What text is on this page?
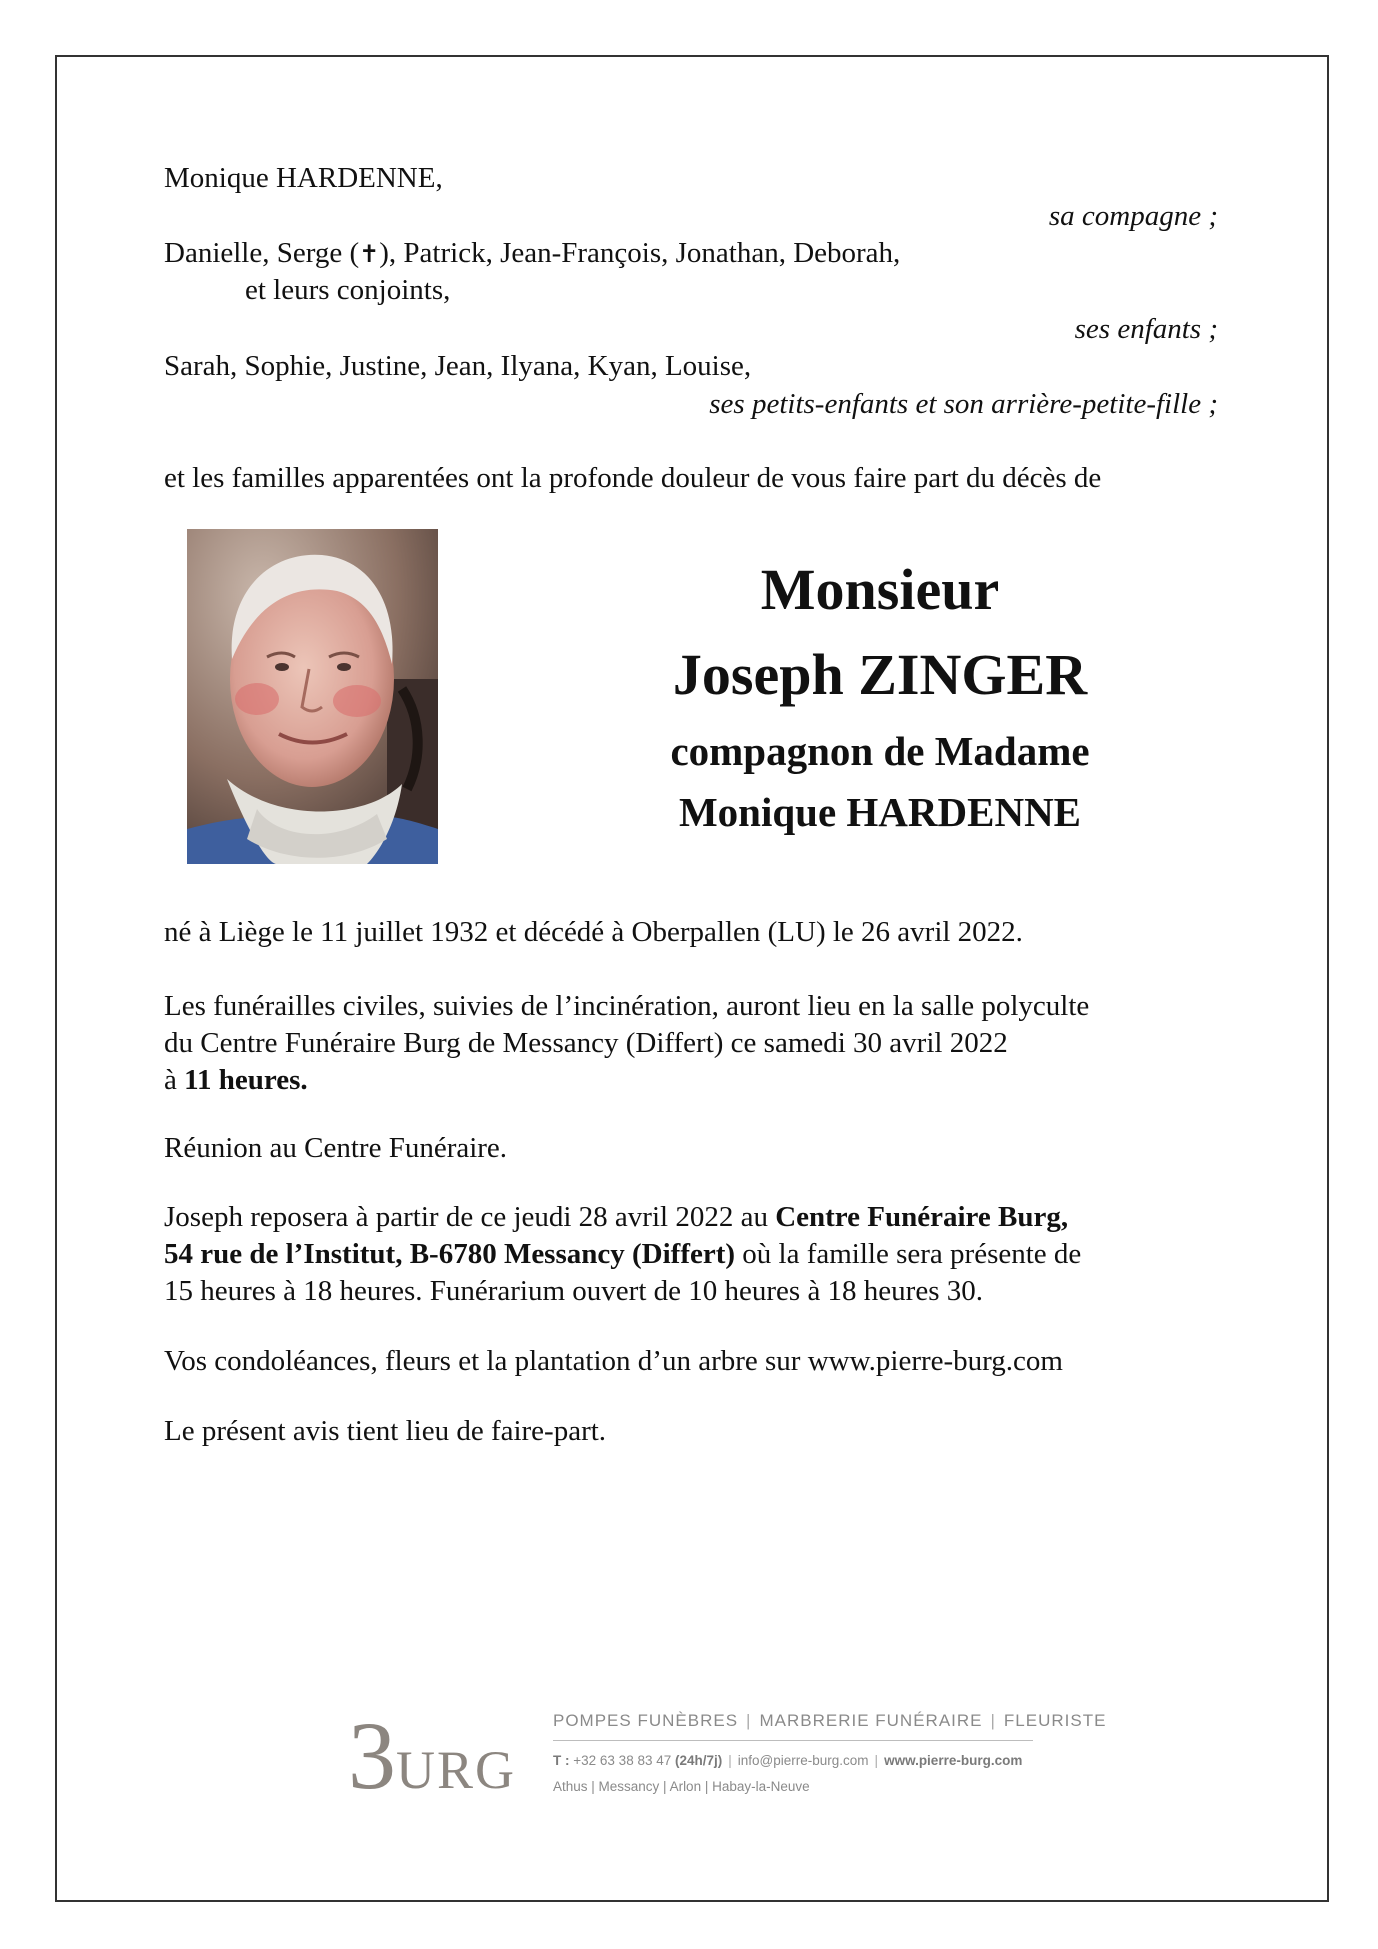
Monique HARDENNE,
sa compagne ;
Danielle, Serge (✝), Patrick, Jean-François, Jonathan, Deborah,
et leurs conjoints,
ses enfants ;
Sarah, Sophie, Justine, Jean, Ilyana, Kyan, Louise,
ses petits-enfants et son arrière-petite-fille ;
et les familles apparentées ont la profonde douleur de vous faire part du décès de
Monsieur
Joseph ZINGER
compagnon de Madame
Monique HARDENNE
né à Liège le 11 juillet 1932 et décédé à Oberpallen (LU) le 26 avril 2022.
Les funérailles civiles, suivies de l’incinération, auront lieu en la salle polyculte
du Centre Funéraire Burg de Messancy (Differt) ce samedi 30 avril 2022
à 11 heures.
Réunion au Centre Funéraire.
Joseph reposera à partir de ce jeudi 28 avril 2022 au Centre Funéraire Burg,
54 rue de l’Institut, B-6780 Messancy (Differt) où la famille sera présente de
15 heures à 18 heures. Funérarium ouvert de 10 heures à 18 heures 30.
Vos condoléances, fleurs et la plantation d’un arbre sur www.pierre-burg.com
Le présent avis tient lieu de faire-part.
3 URG
POMPES FUNÈBRES | MARBRERIE FUNÉRAIRE | FLEURISTE
T : +32 63 38 83 47 (24h/7j) | info@pierre-burg.com | www.pierre-burg.com
Athus | Messancy | Arlon | Habay-la-Neuve
